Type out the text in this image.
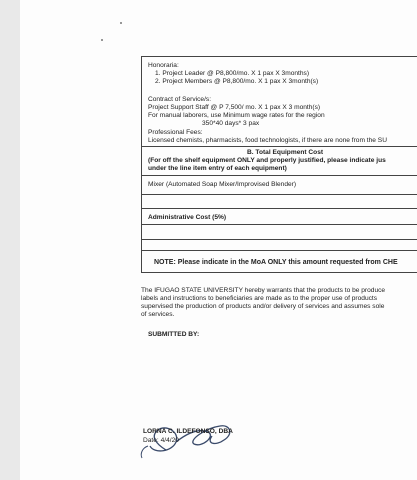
Honoraria:
1. Project Leader @ P8,800/mo. X 1 pax X 3months)
2. Project Members @ P8,800/mo. X 1 pax X 3month(s)
Contract of Service/s:
Project Support Staff @ P 7,500/ mo. X 1 pax X 3 month(s)
For manual laborers, use Minimum wage rates for the region
350*40 days* 3 pax
Professional Fees:
Licensed chemists, pharmacists, food technologists, if there are none from the SU
B. Total Equipment Cost
(For off the shelf equipment ONLY and properly justified, please indicate jus
under the line item entry of each equipment)
Mixer (Automated Soap Mixer/Improvised Blender)
Administrative Cost (5%)
NOTE: Please indicate in the MoA ONLY this amount requested from CHE
The IFUGAO STATE UNIVERSITY hereby warrants that the products to be produce
labels and instructions to beneficiaries are made as to the proper use of products
supervised the production of products and/or delivery of services and assumes sole
of services.
SUBMITTED BY:
LORNA C. ILDEFONSO, DBA
Date: 4/4/20
